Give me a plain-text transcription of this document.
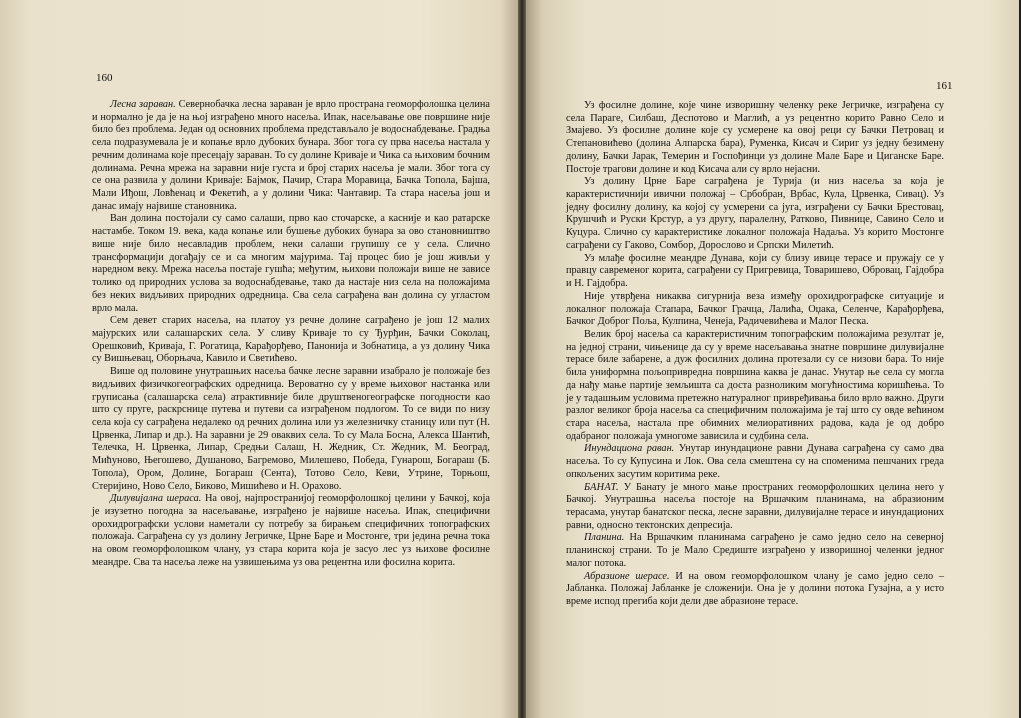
160

Лесна зараван. Севернобачка лесна зараван је врло пространа геоморфолошка целина и нормално је да је на њој изграђено много насеља. Ипак, насељавање ове површине није било без проблема. Један од основних проблема представљало је водоснабдевање. Градња села подразумевала је и копање врло дубоких бунара. Због тога су прва насеља настала у речним долинама које пресецају зараван. То су долине Криваје и Чика са њиховим бочним долинама. Речна мрежа на заравни није густа и број старих насеља је мали. Због тога су се она развила у долини Криваје: Бајмок, Пачир, Стара Моравица, Бачка Топола, Бајша, Мали Иђош, Ловћенац и Фекетић, а у долини Чика: Чантавир. Та стара насеља још и данас имају највише становника.

Ван долина постојали су само салаши, прво као сточарске, а касније и као ратарске настамбе. Током 19. века, када копање или бушење дубоких бунара за ово становништво више није било несавладив проблем, неки салаши групишу се у села. Слично трансформацији догађају се и са многим мајурима. Тај процес био је још живљи у наредном веку. Мрежа насеља постаје гушћа; међутим, њихови положаји више не зависе толико од природних услова за водоснабдевање, тако да настаје низ села на положајима без неких видљивих природних одредница. Сва села саграђена ван долина су угластом врло мала.

Сем девет старих насеља, на платоу уз речне долине саграђено је још 12 малих мајурских или салашарских села. У сливу Криваје то су Ђурђин, Бачки Соколац, Орешковић, Криваја, Г. Рогатица, Карађорђево, Панонија и Зобнатица, а уз долину Чика су Вишњевац, Оборњача, Кавило и Светићево.

Више од половине унутрашњих насеља бачке лесне заравни изабрало је положаје без видљивих физичкогеографских одредница. Вероватно су у време њиховог настанка или груписања (салашарска села) атрактивније биле друштвеногеографске погодности као што су пруге, раскрснице путева и путеви са изграђеном подлогом. То се види по низу села која су саграђена недалеко од речних долина или уз железничку станицу или пут (Н. Црвенка, Липар и др.). На заравни је 29 оваквих села. То су Мала Босна, Алекса Шантић, Телечка, Н. Црвенка, Липар, Средњи Салаш, Н. Жедник, Ст. Жедник, М. Београд, Мићуново, Његошево, Душаново, Багремово, Милешево, Победа, Гунарош, Богараш (Б. Топола), Ором, Долине, Богараш (Сента), Тотово Село, Кеви, Утрине, Торњош, Стеријино, Ново Село, Биково, Мишићево и Н. Орахово.

Дилувијална шерaса. На овој, најпространијој геоморфолошкој целини у Бачкој, која је изузетно погодна за насељавање, изграђено је највише насеља. Ипак, специфични орохидрографски услови наметали су потребу за бирањем специфичних топографских положаја. Саграђена су уз долину Јегричке, Црне Баре и Мостонге, три једина речна тока на овом геоморфолошком члану, уз стара корита која је засуо лес уз њихове фосилне меандре. Сва та насеља леже на узвишењима уз ова рецентна или фосилна корита.

161

Уз фосилне долине, које чине изворишну челенку реке Јегричке, изграђена су села Параге, Силбаш, Деспотово и Маглић, а уз рецентно корито Равно Село и Змајево. Уз фосилне долине које су усмерене ка овој реци су Бачки Петровац и Степановићево (долина Алпарска бара), Руменка, Кисач и Сириг уз једну безимену долину, Бачки Јарак, Темерин и Госпођинци уз долине Мале Баре и Циганске Баре. Постоје трагови долине и код Кисача али су врло нејасни.

Уз долину Црне Баре саграђена је Турија (и низ насеља за која је карактеристичнији ивични положај – Србобран, Врбас, Кула, Црвенка, Сивац). Уз једну фосилну долину, ка којој су усмерени са југа, изграђени су Бачки Брестовац, Крушчић и Руски Крстур, а уз другу, паралелну, Ратково, Пивнице, Савино Село и Куцура. Слично су карактеристике локалног положаја Надаља. Уз корито Мостонге саграђени су Гаково, Сомбор, Дорослово и Српски Милетић.

Уз млађе фосилне меандре Дунава, који су близу ивице терасе и пружају се у правцу савременог корита, саграђени су Пригревица, Товаришево, Обровац, Гајдобра и Н. Гајдобра.

Није утврђена никаква сигурнија веза између орохидрографске ситуације и локалног положаја Стапара, Бачког Грачца, Лалића, Оџака, Селенче, Карађорђева, Бачког Доброг Поља, Кулпина, Ченеја, Радичевићева и Малог Песка.

Велик број насеља са карактеристичним топографским положајима резултат је, на једној страни, чињенице да су у време насељавања знатне површине дилувијалне терасе биле забарене, а дуж фосилних долина протезали су се низови бара. То није била униформна пољопривредна површина каква је данас. Унутар ње села су могла да нађу мање партије земљишта са доста разноликим могућностима коришћења. То је у тадашњим условима претежно натуралног привређивања било врло важно. Други разлог великог броја насеља са специфичним положајима је тај што су овде већином стара насеља, настала пре обимних мелиоративних радова, када је од добро одабраног положаја умногоме зависила и судбина села.

Инундациона раван. Унутар инундационе равни Дунава саграђена су само два насеља. То су Купусина и Лок. Ова села смештена су на споменима пешчаних греда опкољених засутим коритима реке.

БАНАТ. У Банату је много мање пространих геоморфолошких целина него у Бачкој. Унутрашња насеља постоје на Вршачким планинама, на абразионим терасама, унутар банатског песка, лесне заравни, дилувијалне терасе и инундационих равни, односно тектонских депресија.

Планина. На Вршачким планинама саграђено је само једно село на северној планинској страни. То је Мало Средиште изграђено у изворишној челенки једног малог потока.

Абразионе шерaсе. И на овом геоморфолошком члану је само једно село – Јабланка. Положај Јабланке је сложенији. Она је у долини потока Гузајна, а у исто време испод прегиба који дели две абразионе терасе.
